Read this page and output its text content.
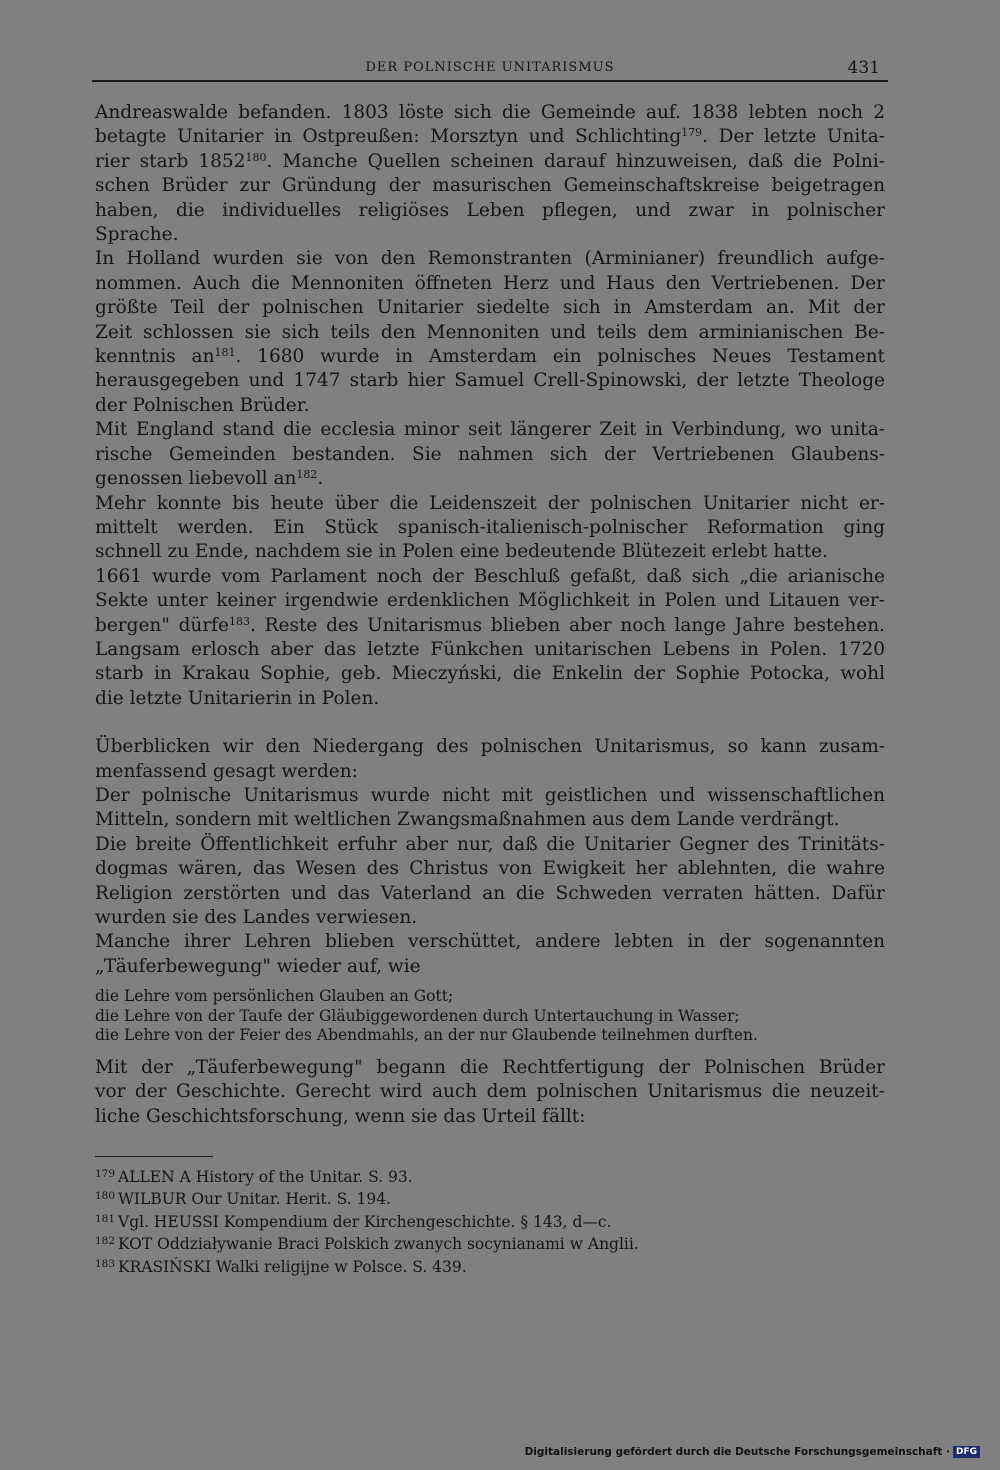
DER POLNISCHE UNITARISMUS	431

Andreaswalde befanden. 1803 löste sich die Gemeinde auf. 1838 lebten noch 2
betagte Unitarier in Ostpreußen: Morsztyn und Schlichting$^{179}$. Der letzte Unita-
rier starb 1852$^{180}$. Manche Quellen scheinen darauf hinzuweisen, daß die Polni-
schen Brüder zur Gründung der masurischen Gemeinschaftskreise beigetragen
haben, die individuelles religiöses Leben pflegen, und zwar in polnischer
Sprache.

In Holland wurden sie von den Remonstranten (Arminianer) freundlich aufge-
nommen. Auch die Mennoniten öffneten Herz und Haus den Vertriebenen. Der
größte Teil der polnischen Unitarier siedelte sich in Amsterdam an. Mit der
Zeit schlossen sie sich teils den Mennoniten und teils dem arminianischen Be-
kenntnis $an^{181}$. 1680 wurde in Amsterdam ein polnisches Neues Testament
herausgegeben und 1747 starb hier Samuel Crell-Spinowski, der letzte Theologe
der Polnischen Brüder.

Mit England stand die ecclesia minor seit längerer Zeit in Verbindung, wo unita-
rische Gemeinden bestanden. Sie nahmen sich der Vertriebenen Glaubens-
genossen liebevoll $an^{182}$.

Mehr konnte bis heute über die Leidenszeit der polnischen Unitarier nicht er-
mittelt werden. Ein Stück spanisch-italienisch-polnischer Reformation ging
schnell zu Ende, nachdem sie in Polen eine bedeutende Blütezeit erlebt hatte.

1661 wurde vom Parlament noch der Beschluß gefaßt, daß sich „die arianische
Sekte unter keiner irgendwie erdenklichen Möglichkeit in Polen und Litauen ver-
bergen" dürfe$^{183}$. Reste des Unitarismus blieben aber noch lange Jahre bestehen.
Langsam erlosch aber das letzte Fünkchen unitarischen Lebens in Polen. 1720
starb in Krakau Sophie, geb. Mieczyński, die Enkelin der Sophie Potocka, wohl
die letzte Unitarierin in Polen.

Überblicken wir den Niedergang des polnischen Unitarismus, so kann zusam-
menfassend gesagt werden:

Der polnische Unitarismus wurde nicht mit geistlichen und wissenschaftlichen
Mitteln, sondern mit weltlichen Zwangsmaßnahmen aus dem Lande verdrängt.

Die breite Öffentlichkeit erfuhr aber nur, daß die Unitarier Gegner des Trinitäts-
dogmas wären, das Wesen des Christus von Ewigkeit her ablehnten, die wahre
Religion zerstörten und das Vaterland an die Schweden verraten hätten. Dafür
wurden sie des Landes verwiesen.

Manche ihrer Lehren blieben verschüttet, andere lebten in der sogenannten
„Täuferbewegung" wieder auf, wie

die Lehre vom persönlichen Glauben an Gott;
die Lehre von der Taufe der Gläubiggewordenen durch Untertauchung in Wasser;
die Lehre von der Feier des Abendmahls, an der nur Glaubende teilnehmen durften.

Mit der „Täuferbewegung" begann die Rechtfertigung der Polnischen Brüder
vor der Geschichte. Gerecht wird auch dem polnischen Unitarismus die neuzeit-
liche Geschichtsforschung, wenn sie das Urteil fällt:

179 ALLEN A History of the Unitar. S. 93.
180 WILBUR Our Unitar. Herit. S. 194.
181 Vgl. HEUSSI Kompendium der Kirchengeschichte. § 143, d—c.
182 KOT Oddziaływanie Braci Polskich zwanych socynianami w Anglii.
183 KRASIŃSKI Walki religijne w Polsce. S. 439.
Digitalisierung gefördert durch die Deutsche Forschungsgemeinschaft · DFG
